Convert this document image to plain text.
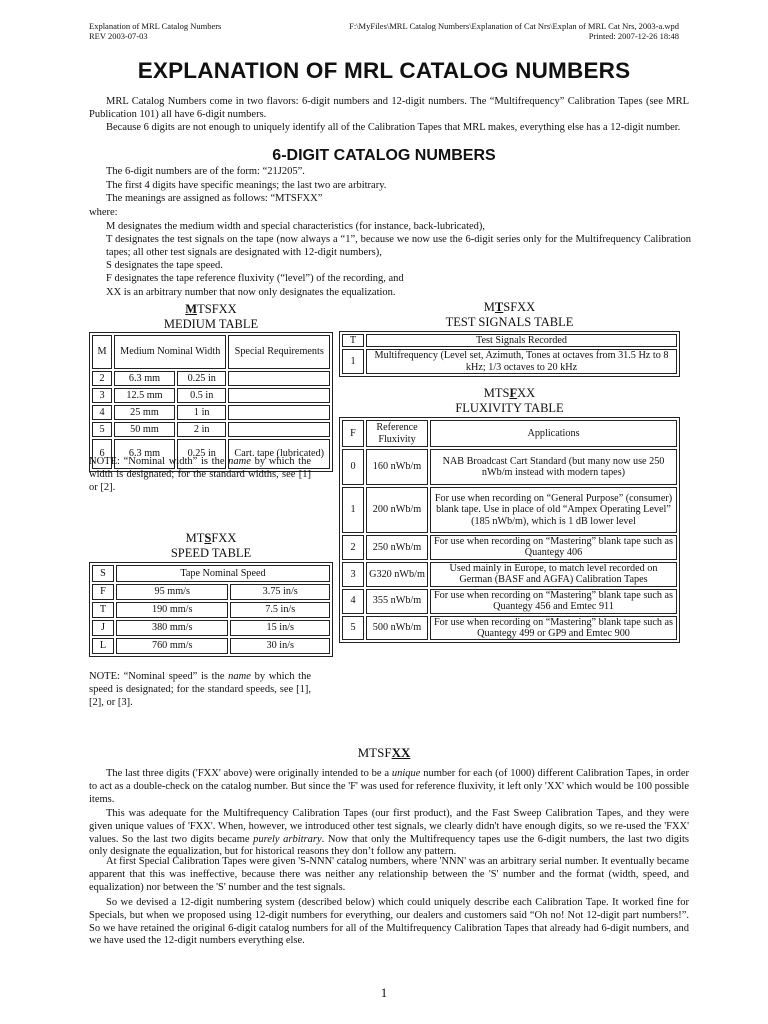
Explanation of MRL Catalog Numbers
REV 2003-07-03
F:\MyFiles\MRL Catalog Numbers\Explanation of Cat Nrs\Explan of MRL Cat Nrs, 2003-a.wpd
Printed: 2007-12-26 18:48
EXPLANATION OF MRL CATALOG NUMBERS
MRL Catalog Numbers come in two flavors: 6-digit numbers and 12-digit numbers. The “Multifrequency” Calibration Tapes (see MRL Publication 101) all have 6-digit numbers.
Because 6 digits are not enough to uniquely identify all of the Calibration Tapes that MRL makes, everything else has a 12-digit number.
6-DIGIT CATALOG NUMBERS
The 6-digit numbers are of the form: “21J205”.
The first 4 digits have specific meanings; the last two are arbitrary.
The meanings are assigned as follows: “MTSFXX”
where:
M designates the medium width and special characteristics (for instance, back-lubricated),
T designates the test signals on the tape (now always a “1”, because we now use the 6-digit series only for the Multifrequency Calibration tapes; all other test signals are designated with 12-digit numbers),
S designates the tape speed.
F designates the tape reference fluxivity (“level”) of the recording, and
XX is an arbitrary number that now only designates the equalization.
MTSFXX
MEDIUM TABLE
M	Medium Nominal Width		Special Requirements
2	6.3 mm	0.25 in	
3	12.5 mm	0.5 in	
4	25 mm	1 in	
5	50 mm	2 in	
6	6.3 mm	0.25 in	Cart. tape (lubricated)
NOTE: “Nominal width” is the name by which the width is designated; for the standard widths, see [1] or [2].
MTSFXX
SPEED TABLE
S	Tape Nominal Speed	
F	95 mm/s	3.75 in/s
T	190 mm/s	7.5 in/s
J	380 mm/s	15 in/s
L	760 mm/s	30 in/s
NOTE: “Nominal speed” is the name by which the speed is designated; for the standard speeds, see [1], [2], or [3].
MTSFXX
TEST SIGNALS TABLE
T	Test Signals Recorded
1	Multifrequency (Level set, Azimuth, Tones at octaves from 31.5 Hz to 8 kHz; 1/3 octaves to 20 kHz
MTSFXX
FLUXIVITY TABLE
F	Reference Fluxivity	Applications
0	160 nWb/m	NAB Broadcast Cart Standard (but many now use 250 nWb/m instead with modern tapes)
1	200 nWb/m	For use when recording on “General Purpose” (consumer) blank tape. Use in place of old “Ampex Operating Level” (185 nWb/m), which is 1 dB lower level
2	250 nWb/m	For use when recording on “Mastering” blank tape such as Quantegy 406
3	G320 nWb/m	Used mainly in Europe, to match level recorded on German (BASF and AGFA) Calibration Tapes
4	355 nWb/m	For use when recording on “Mastering” blank tape such as Quantegy 456 and Emtec 911
5	500 nWb/m	For use when recording on “Mastering” blank tape such as Quantegy 499 or GP9 and Emtec 900
MTSFXX
The last three digits ('FXX' above) were originally intended to be a unique number for each (of 1000) different Calibration Tapes, in order to act as a double-check on the catalog number. But since the 'F' was used for reference fluxivity, it left only 'XX' which would be 100 possible items.
This was adequate for the Multifrequency Calibration Tapes (our first product), and the Fast Sweep Calibration Tapes, and they were given unique values of 'FXX'. When, however, we introduced other test signals, we clearly didn't have enough digits, so we re-used the 'FXX' values. So the last two digits became purely arbitrary. Now that only the Multifrequency tapes use the 6-digit numbers, the last two digits only designate the equalization, but for historical reasons they don’t follow any pattern.
At first Special Calibration Tapes were given 'S-NNN' catalog numbers, where 'NNN' was an arbitrary serial number. It eventually became apparent that this was ineffective, because there was neither any relationship between the 'S' number and the format (width, speed, and equalization) nor between the 'S' number and the test signals.
So we devised a 12-digit numbering system (described below) which could uniquely describe each Calibration Tape. It worked fine for Specials, but when we proposed using 12-digit numbers for everything, our dealers and customers said “Oh no! Not 12-digit part numbers!”. So we have retained the original 6-digit catalog numbers for all of the Multifrequency Calibration Tapes that already had 6-digit numbers, and we have used the 12-digit numbers everything else.
1
